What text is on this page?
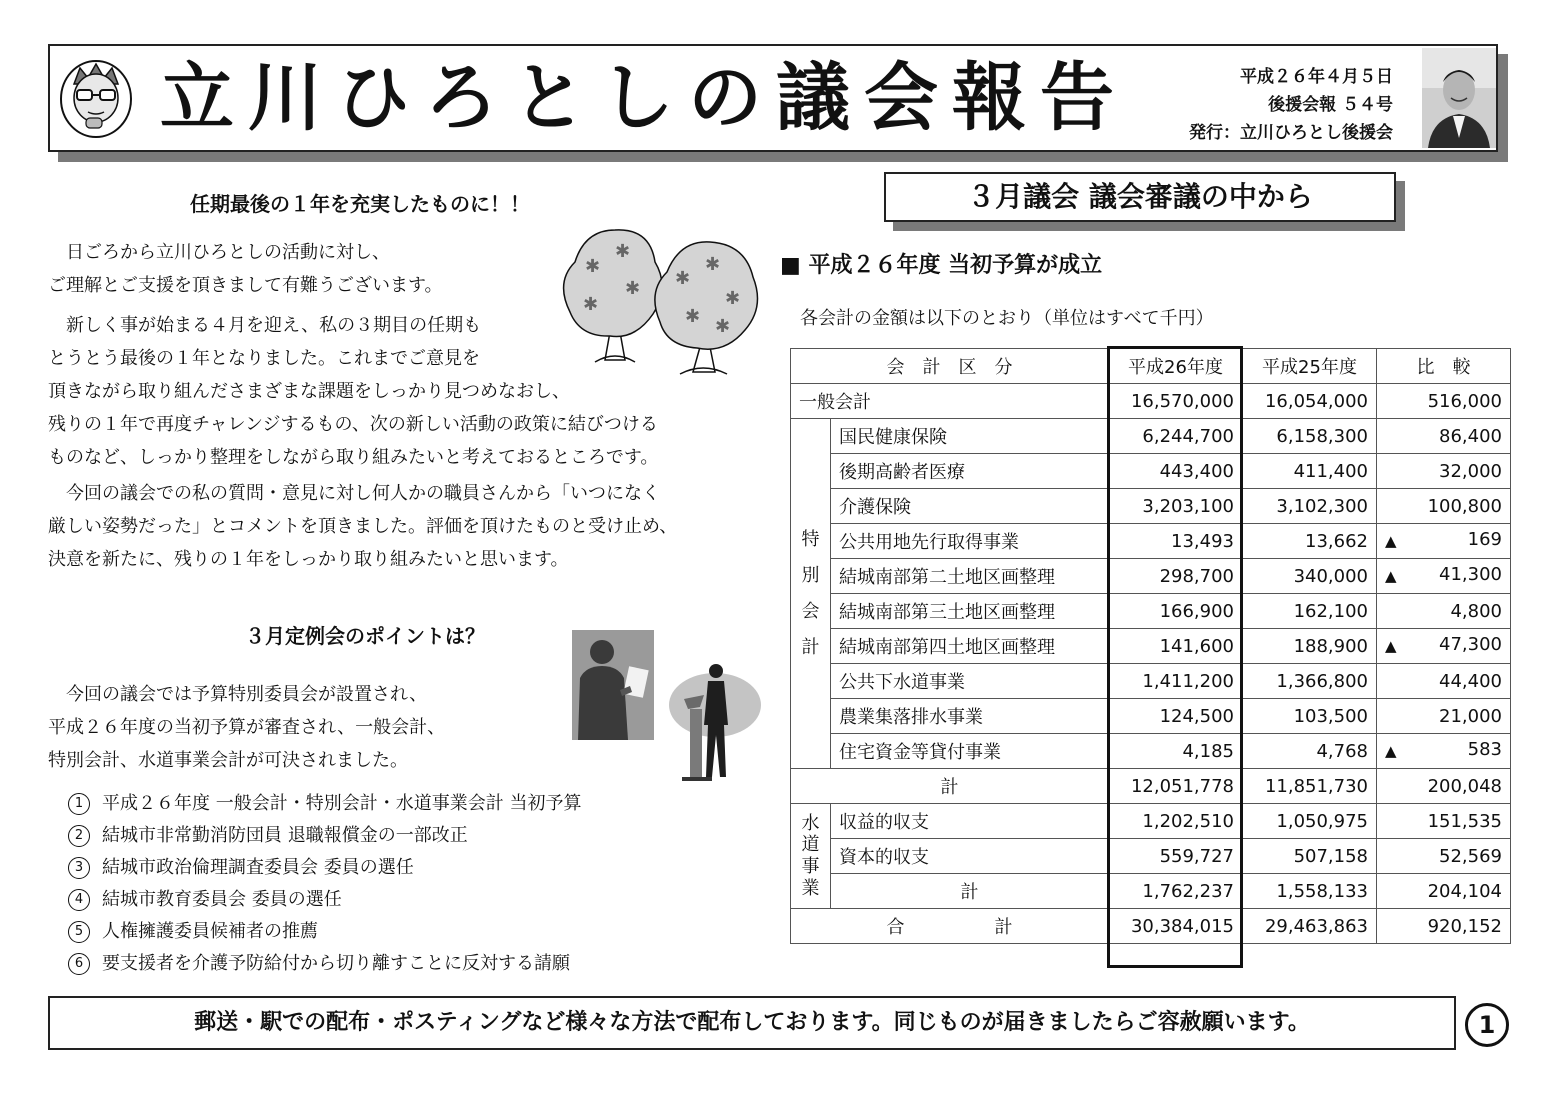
立川ひろとしの議会報告	平成２６年４月５日
後援会報 ５４号
発行：立川ひろとし後援会
任期最後の１年を充実したものに！！
日ごろから立川ひろとしの活動に対し、
ご理解とご支援を頂きまして有難うございます。
新しく事が始まる４月を迎え、私の３期目の任期も
とうとう最後の１年となりました。これまでご意見を
頂きながら取り組んださまざまな課題をしっかり見つめなおし、
残りの１年で再度チャレンジするもの、次の新しい活動の政策に結びつける
ものなど、しっかり整理をしながら取り組みたいと考えておるところです。
今回の議会での私の質問・意見に対し何人かの職員さんから「いつになく
厳しい姿勢だった」とコメントを頂きました。評価を頂けたものと受け止め、
決意を新たに、残りの１年をしっかり取り組みたいと思います。
✱
✱
✱
✱
✱
✱
✱
✱ ✱
３月定例会のポイントは？
今回の議会では予算特別委員会が設置され、
平成２６年度の当初予算が審査され、一般会計、
特別会計、水道事業会計が可決されました。
1 平成２６年度 一般会計・特別会計・水道事業会計 当初予算
2 結城市非常勤消防団員 退職報償金の一部改正
3 結城市政治倫理調査委員会 委員の選任
4 結城市教育委員会 委員の選任
5 人権擁護委員候補者の推薦
6 要支援者を介護予防給付から切り離すことに反対する請願
３月議会 議会審議の中から
■ 平成２６年度 当初予算が成立
各会計の金額は以下のとおり（単位はすべて千円）
会　計　区　分		平成26年度	平成25年度	比　較
一般会計		16,570,000	16,054,000	516,000
特
別
会
計	国民健康保険	6,244,700	6,158,300	86,400
	後期高齢者医療	443,400	411,400	32,000
	介護保険	3,203,100	3,102,300	100,800
	公共用地先行取得事業	13,493	13,662	▲ 169
	結城南部第二土地区画整理	298,700	340,000	▲ 41,300
	結城南部第三土地区画整理	166,900	162,100	4,800
	結城南部第四土地区画整理	141,600	188,900	▲ 47,300
	公共下水道事業	1,411,200	1,366,800	44,400
	農業集落排水事業	124,500	103,500	21,000
	住宅資金等貸付事業	4,185	4,768	▲ 583
計		12,051,778	11,851,730	200,048
水
道
事
業	収益的収支	1,202,510	1,050,975	151,535
	資本的収支	559,727	507,158	52,569
	計	1,762,237	1,558,133	204,104
合　　　　　計		30,384,015	29,463,863	920,152
郵送・駅での配布・ポスティングなど様々な方法で配布しております。同じものが届きましたらご容赦願います。	1
